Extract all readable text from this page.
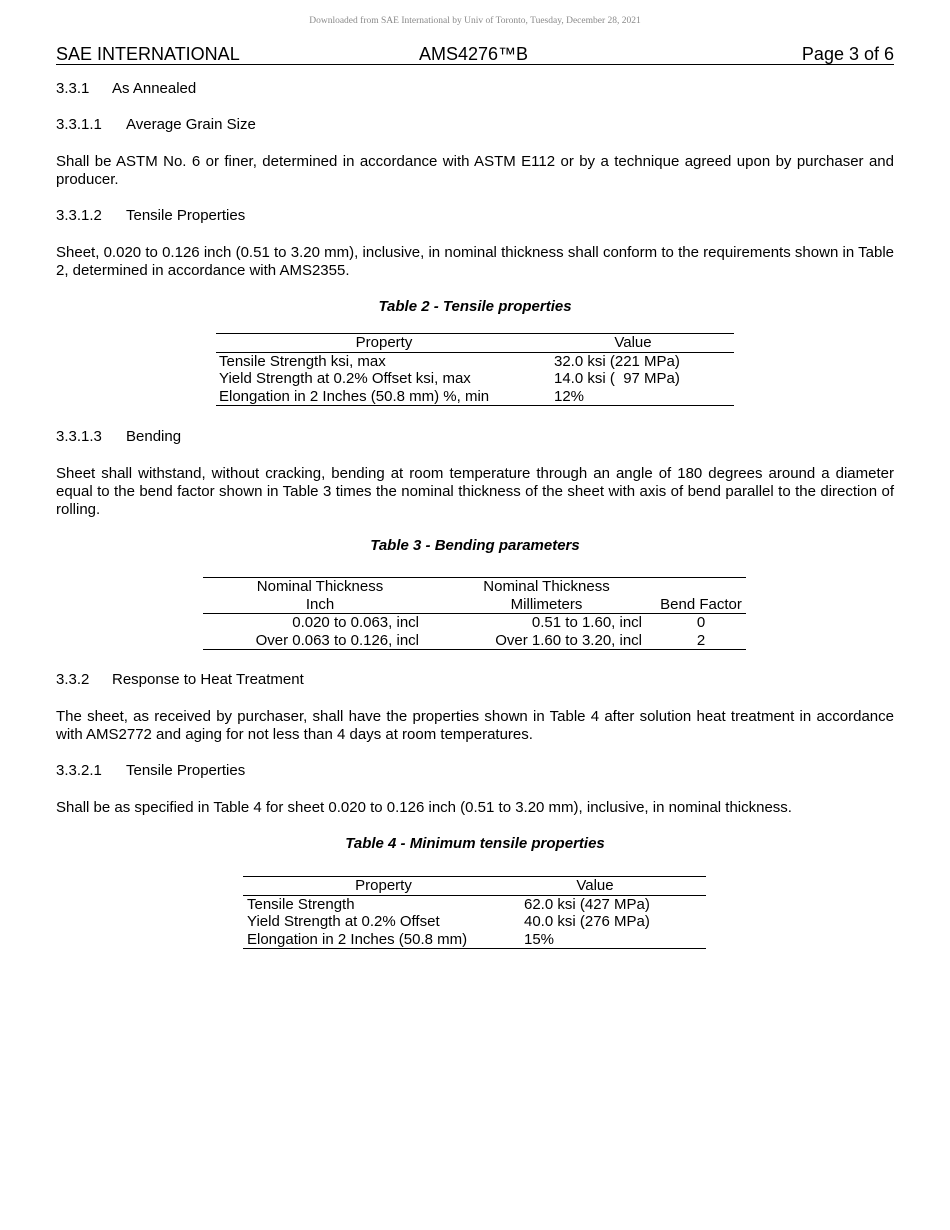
Downloaded from SAE International by Univ of Toronto, Tuesday, December 28, 2021
SAE INTERNATIONAL	AMS4276™B	Page 3 of 6
3.3.1 As Annealed
3.3.1.1 Average Grain Size
Shall be ASTM No. 6 or finer, determined in accordance with ASTM E112 or by a technique agreed upon by purchaser and producer.
3.3.1.2 Tensile Properties
Sheet, 0.020 to 0.126 inch (0.51 to 3.20 mm), inclusive, in nominal thickness shall conform to the requirements shown in Table 2, determined in accordance with AMS2355.
Table 2 - Tensile properties
Property	Value
Tensile Strength ksi, max	32.0 ksi (221 MPa)
Yield Strength at 0.2% Offset ksi, max	14.0 ksi (  97 MPa)
Elongation in 2 Inches (50.8 mm) %, min	12%
3.3.1.3 Bending
Sheet shall withstand, without cracking, bending at room temperature through an angle of 180 degrees around a diameter equal to the bend factor shown in Table 3 times the nominal thickness of the sheet with axis of bend parallel to the direction of rolling.
Table 3 - Bending parameters
Nominal Thickness	Nominal Thickness	
Inch	Millimeters	Bend Factor
0.020 to 0.063, incl	0.51 to 1.60, incl	0
Over 0.063 to 0.126, incl	Over 1.60 to 3.20, incl	2
3.3.2 Response to Heat Treatment
The sheet, as received by purchaser, shall have the properties shown in Table 4 after solution heat treatment in accordance with AMS2772 and aging for not less than 4 days at room temperatures.
3.3.2.1 Tensile Properties
Shall be as specified in Table 4 for sheet 0.020 to 0.126 inch (0.51 to 3.20 mm), inclusive, in nominal thickness.
Table 4 - Minimum tensile properties
Property	Value
Tensile Strength	62.0 ksi (427 MPa)
Yield Strength at 0.2% Offset	40.0 ksi (276 MPa)
Elongation in 2 Inches (50.8 mm)	15%
